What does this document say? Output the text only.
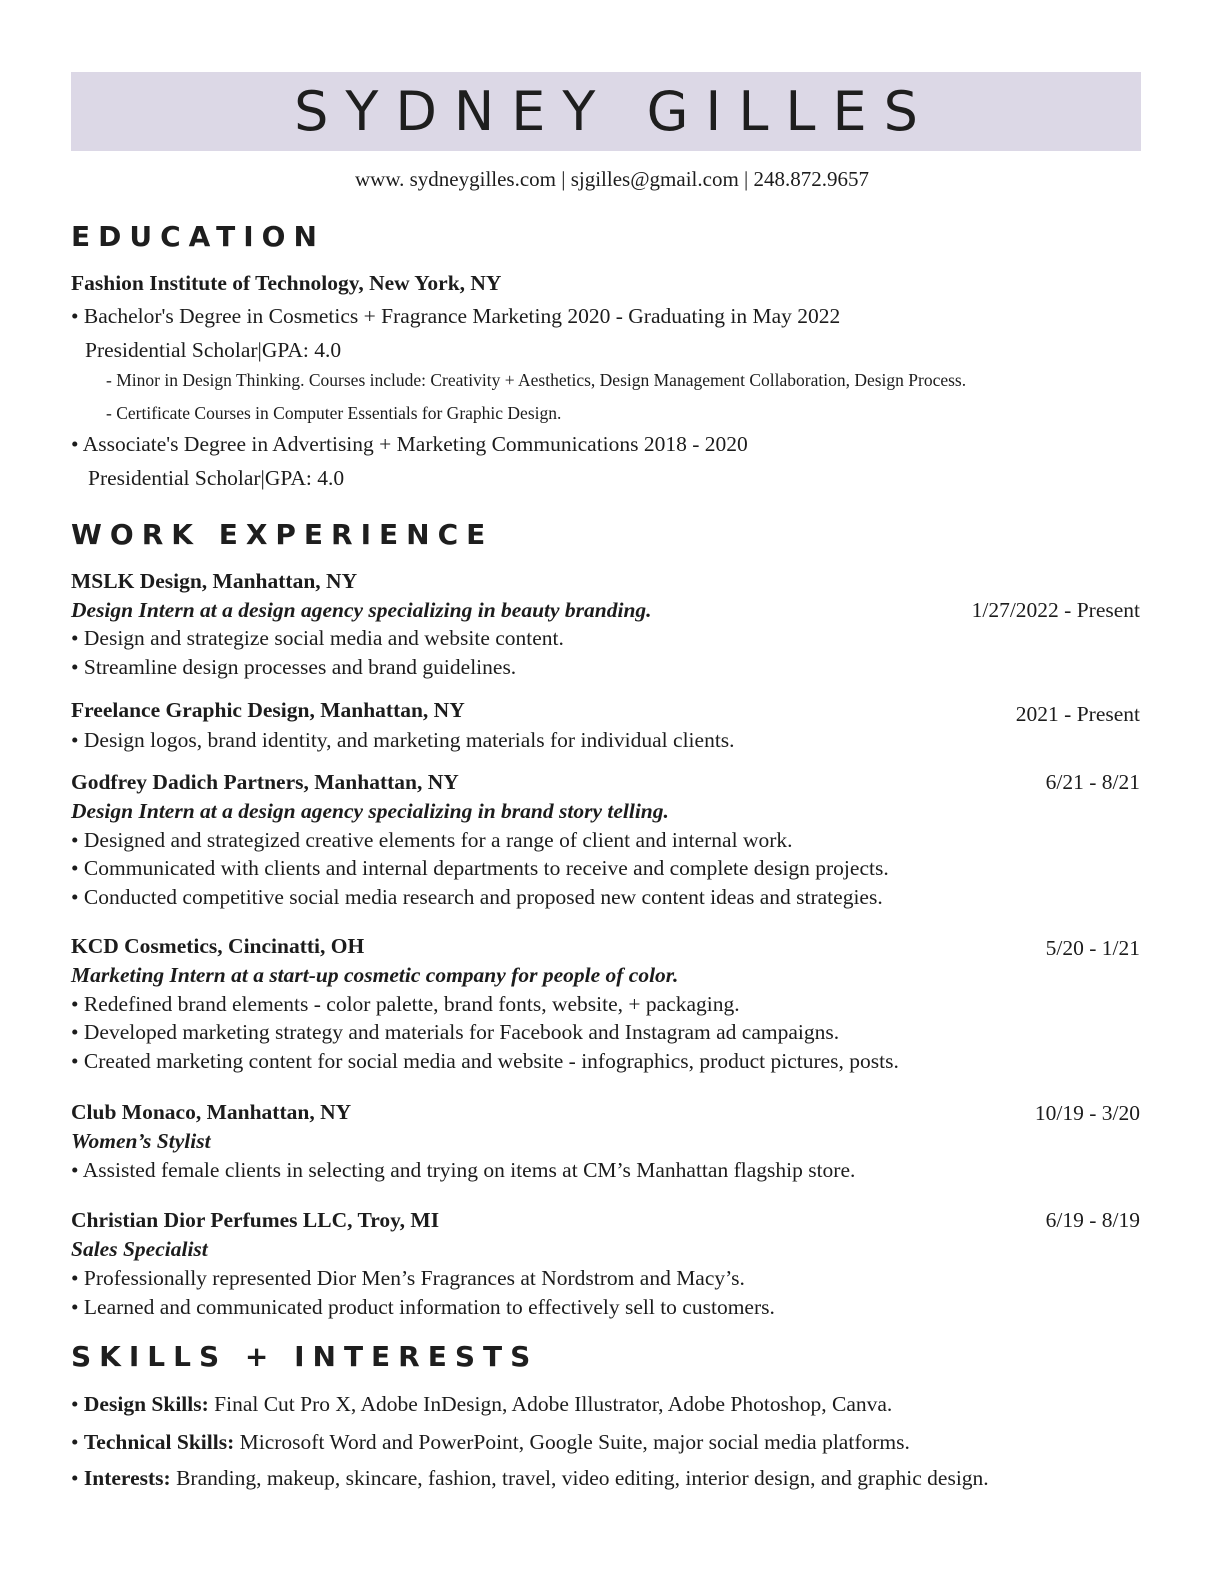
SYDNEY GILLES
www. sydneygilles.com | sjgilles@gmail.com | 248.872.9657
EDUCATION
Fashion Institute of Technology, New York, NY
• Bachelor's Degree in Cosmetics + Fragrance Marketing 2020 - Graduating in May 2022
Presidential Scholar|GPA: 4.0
- Minor in Design Thinking. Courses include: Creativity + Aesthetics, Design Management Collaboration, Design Process.
- Certificate Courses in Computer Essentials for Graphic Design.
• Associate's Degree in Advertising + Marketing Communications 2018 - 2020
Presidential Scholar|GPA: 4.0
WORK EXPERIENCE
MSLK Design, Manhattan, NY
Design Intern at a design agency specializing in beauty branding.	1/27/2022 - Present
• Design and strategize social media and website content.
• Streamline design processes and brand guidelines.
Freelance Graphic Design, Manhattan, NY	2021 - Present
• Design logos, brand identity, and marketing materials for individual clients.
Godfrey Dadich Partners, Manhattan, NY	6/21 - 8/21
Design Intern at a design agency specializing in brand story telling.
• Designed and strategized creative elements for a range of client and internal work.
• Communicated with clients and internal departments to receive and complete design projects.
• Conducted competitive social media research and proposed new content ideas and strategies.
KCD Cosmetics, Cincinatti, OH	5/20 - 1/21
Marketing Intern at a start-up cosmetic company for people of color.
• Redefined brand elements - color palette, brand fonts, website, + packaging.
• Developed marketing strategy and materials for Facebook and Instagram ad campaigns.
• Created marketing content for social media and website - infographics, product pictures, posts.
Club Monaco, Manhattan, NY	10/19 - 3/20
Women’s Stylist
• Assisted female clients in selecting and trying on items at CM’s Manhattan flagship store.
Christian Dior Perfumes LLC, Troy, MI	6/19 - 8/19
Sales Specialist
• Professionally represented Dior Men’s Fragrances at Nordstrom and Macy’s.
• Learned and communicated product information to effectively sell to customers.
SKILLS + INTERESTS
• Design Skills: Final Cut Pro X, Adobe InDesign, Adobe Illustrator, Adobe Photoshop, Canva.
• Technical Skills: Microsoft Word and PowerPoint, Google Suite, major social media platforms.
• Interests: Branding, makeup, skincare, fashion, travel, video editing, interior design, and graphic design.
